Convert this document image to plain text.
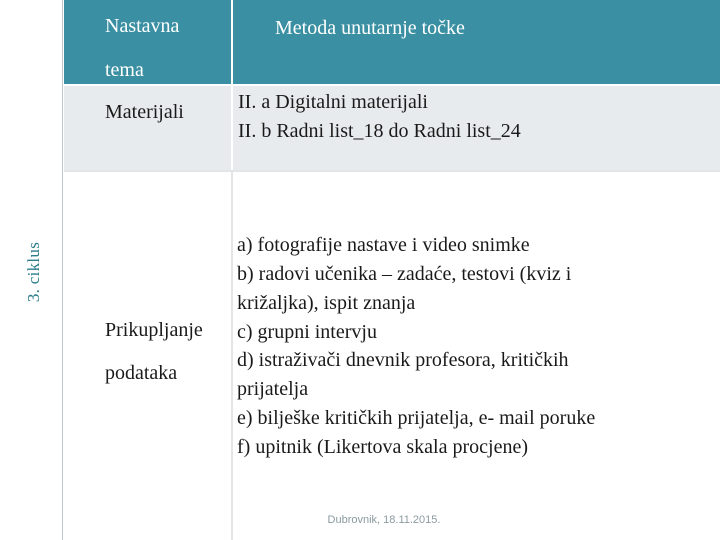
3. ciklus
Nastavna
tema
Metoda unutarnje točke
Materijali	II. a Digitalni materijali
II. b Radni list_18 do Radni list_24
Prikupljanje
podataka
a) fotografije nastave i video snimke
b) radovi učenika – zadaće, testovi (kviz i
križaljka), ispit znanja
c) grupni intervju
d) istraživači dnevnik profesora, kritičkih
prijatelja
e) bilješke kritičkih prijatelja, e- mail poruke
f) upitnik (Likertova skala procjene)
Dubrovnik, 18.11.2015.
